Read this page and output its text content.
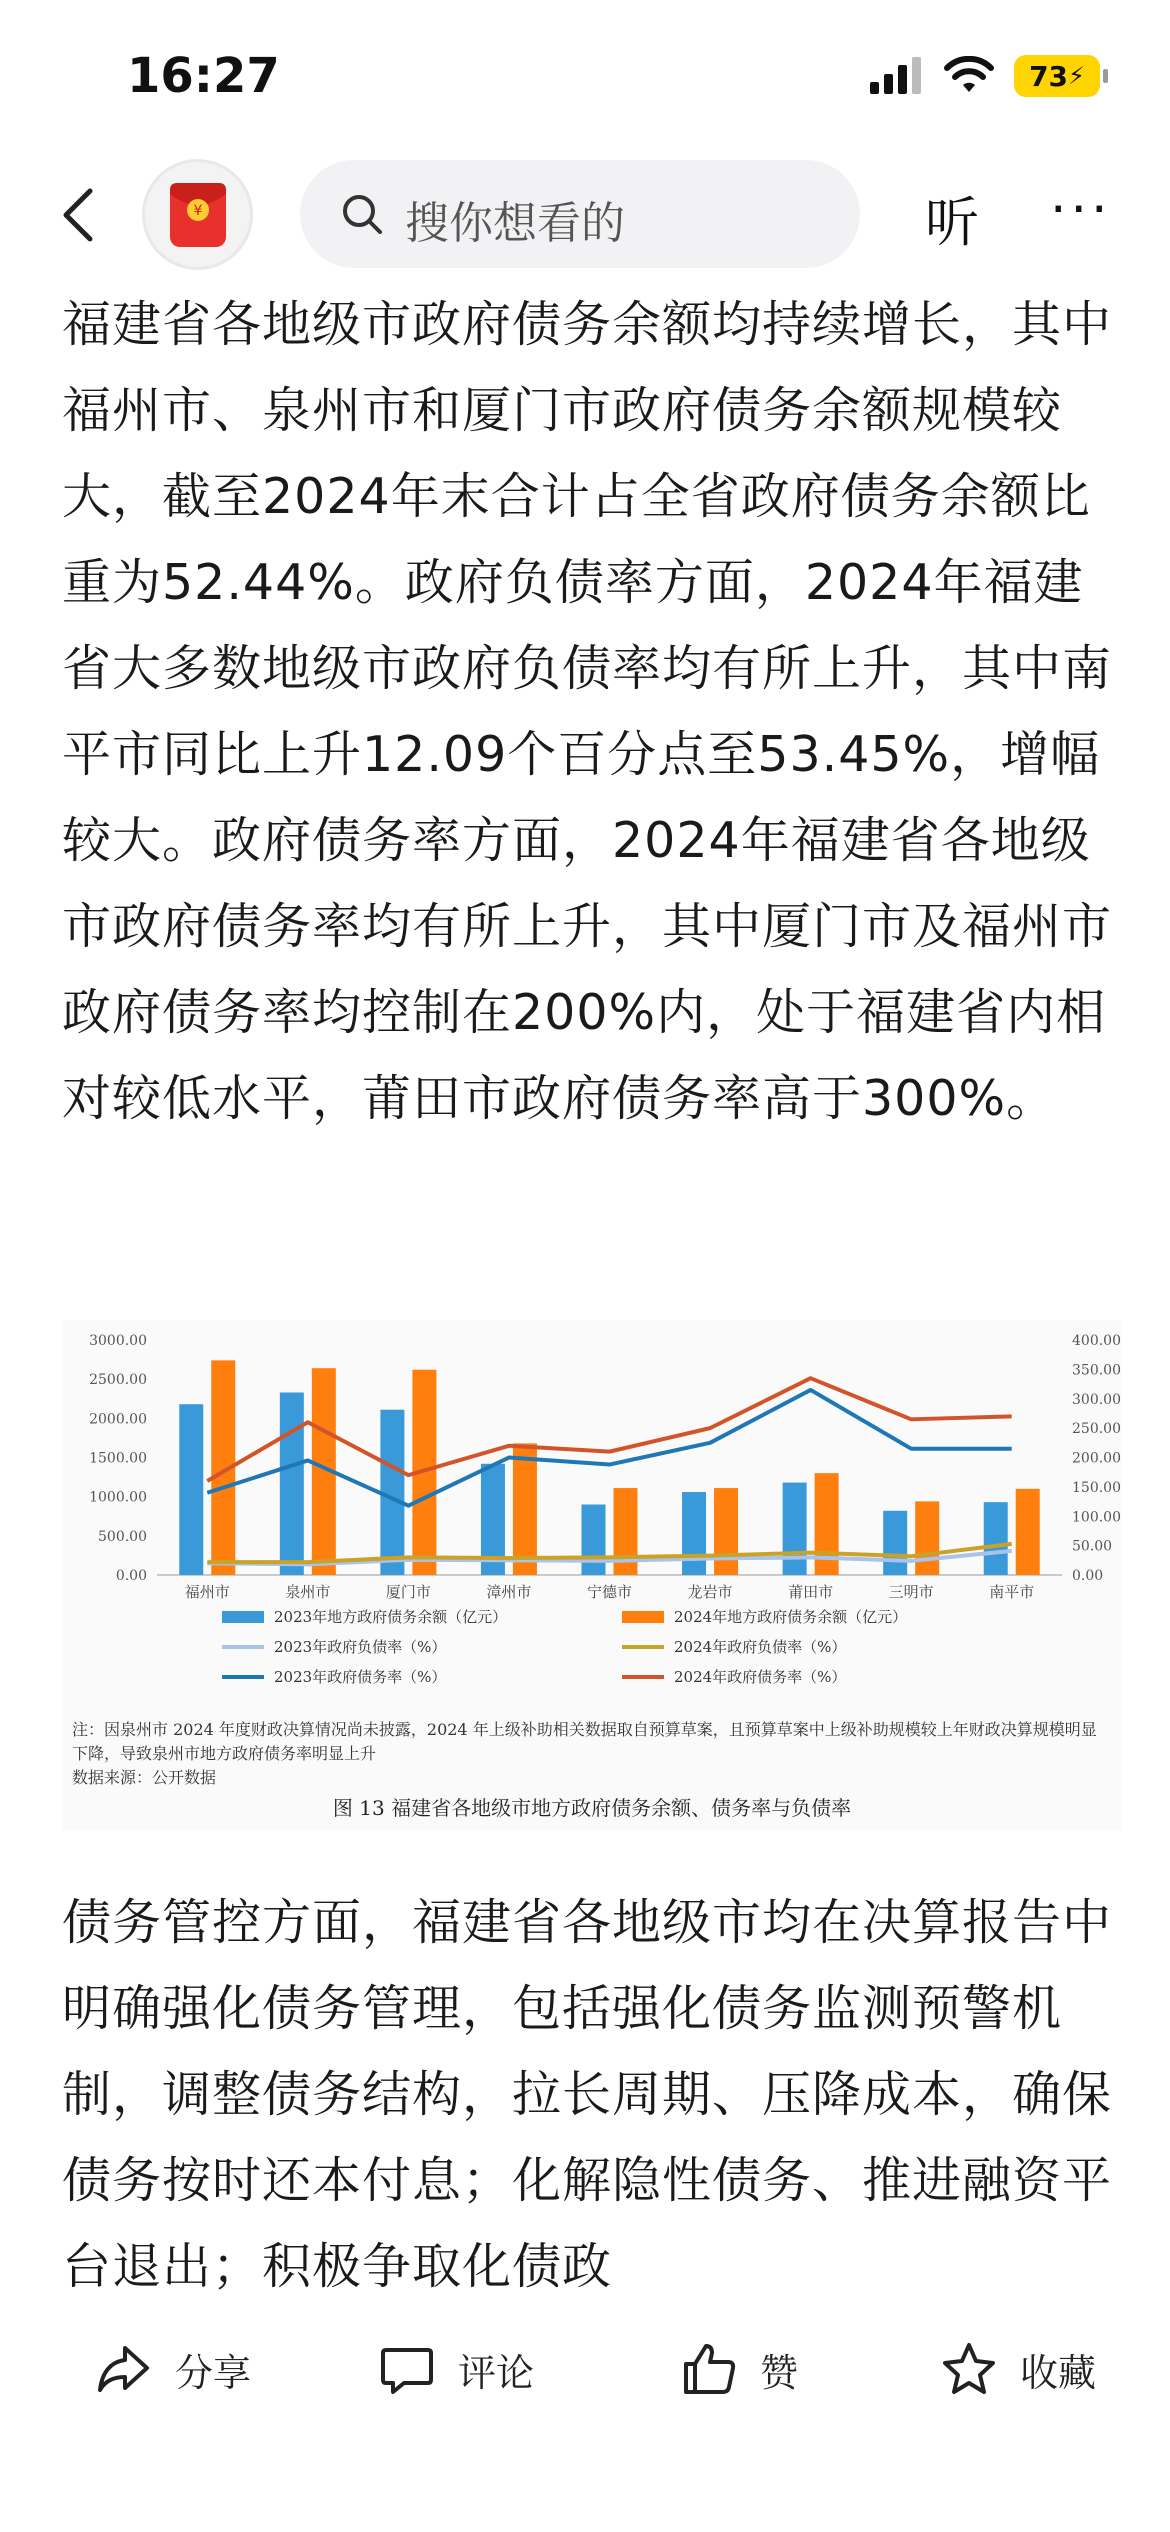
16:27	73 ⚡
¥	搜你想看的	听 ···

福建省各地级市政府债务余额均持续增长，其中福州市、泉州市和厦门市政府债务余额规模较大，截至2024年末合计占全省政府债务余额比重为52.44%。政府负债率方面，2024年福建省大多数地级市政府负债率均有所上升，其中南平市同比上升12.09个百分点至53.45%，增幅较大。政府债务率方面，2024年福建省各地级市政府债务率均有所上升，其中厦门市及福州市政府债务率均控制在200%内，处于福建省内相对较低水平，莆田市政府债务率高于300%。

3000.00
2500.00
2000.00
1500.00
1000.00
500.00
0.00
400.00
350.00
300.00
250.00
200.00
150.00
100.00
50.00
0.00
福州市	泉州市	厦门市	漳州市	宁德市	龙岩市	莆田市	三明市	南平市
2023年地方政府债务余额（亿元）	2024年地方政府债务余额（亿元）
2023年政府负债率（%）	2024年政府负债率（%）
2023年政府债务率（%）	2024年政府债务率（%）
注：因泉州市 2024 年度财政决算情况尚未披露，2024 年上级补助相关数据取自预算草案，且预算草案中上级补助规模较上年财政决算规模明显下降，导致泉州市地方政府债务率明显上升
数据来源：公开数据
图 13 福建省各地级市地方政府债务余额、债务率与负债率

债务管控方面，福建省各地级市均在决算报告中明确强化债务管理，包括强化债务监测预警机制，调整债务结构，拉长周期、压降成本，确保债务按时还本付息；化解隐性债务、推进融资平台退出；积极争取化债政

分享	评论	赞	收藏
